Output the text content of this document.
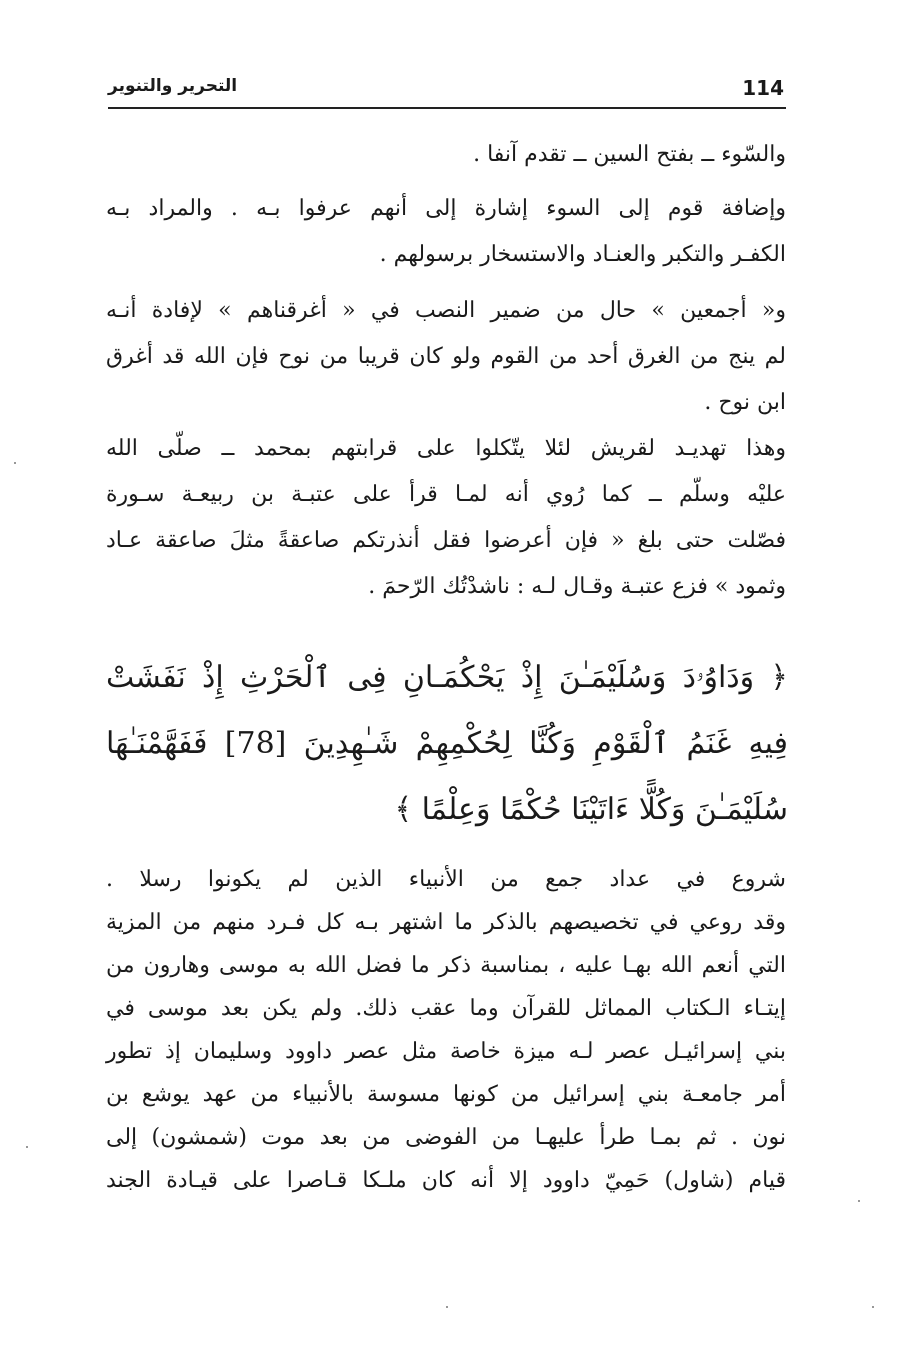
114
التحرير والتنوير
والسّوء ــ بفتح السين ــ تقدم آنفا .
وإضافة قوم إلى السوء إشارة إلى أنهم عرفوا بـه . والمراد بـه
الكفـر والتكبر والعنـاد والاستسخار برسولهم .
و« أجمعين » حال من ضمير النصب في « أغرقناهم » لإفادة أنـه
لم ينج من الغرق أحد من القوم ولو كان قريبا من نوح فإن الله قد أغرق
ابن نوح .
وهذا تهديـد لقريش لئلا يتّكلوا على قرابتهم بمحمد ــ صلّى الله
عليْه وسلّم ــ كما رُوي أنه لمـا قرأ على عتبـة بن ربيعـة سـورة
فصّلت حتى بلغ « فإن أعرضوا فقل أنذرتكم صاعقةً مثلَ صاعقة عـاد
وثمود » فزع عتبـة وقـال لـه : ناشدْتُك الرّحمَ .
﴿ وَدَاوُۥدَ وَسُلَيْمَـٰنَ إِذْ يَحْكُمَـانِ فِى ٱلْحَرْثِ إِذْ نَفَشَتْ
فِيهِ غَنَمُ ٱلْقَوْمِ وَكُنَّا لِحُكْمِهِمْ شَـٰهِدِينَ [78] فَفَهَّمْنَـٰهَا
سُلَيْمَـٰنَ وَكُلًّا ءَاتَيْنَا حُكْمًا وَعِلْمًا ﴾
شروع في عداد جمع من الأنبياء الذين لم يكونوا رسلا .
وقد روعي في تخصيصهم بالذكر ما اشتهر بـه كل فـرد منهم من المزية
التي أنعم الله بهـا عليه ، بمناسبة ذكر ما فضل الله به موسى وهارون من
إيتـاء الـكتاب المماثل للقرآن وما عقب ذلك. ولم يكن بعد موسى في
بني إسرائيـل عصر لـه ميزة خاصة مثل عصر داوود وسليمان إذ تطور
أمر جامعـة بني إسرائيل من كونها مسوسة بالأنبياء من عهد يوشع بن
نون . ثم بمـا طرأ عليهـا من الفوضى من بعد موت (شمشون) إلى
قيام (شاول) حَمِيّ داوود إلا أنه كان ملـكا قـاصرا على قيـادة الجند
